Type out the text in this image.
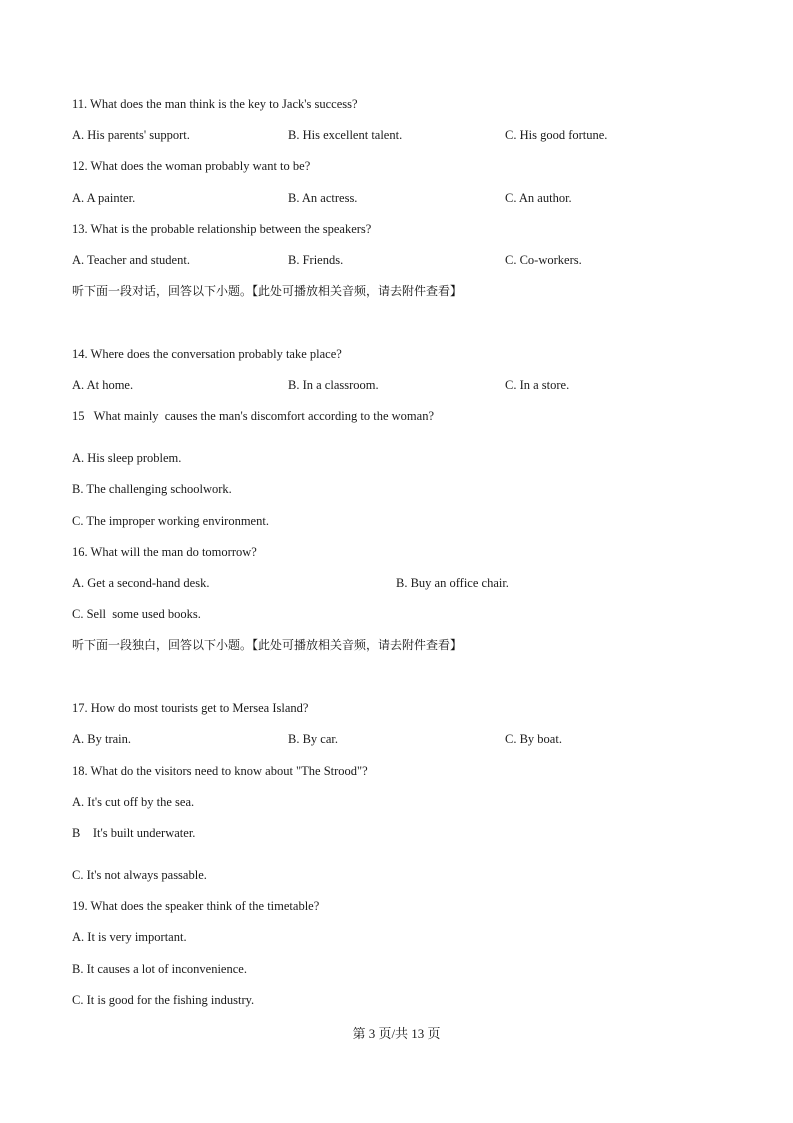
11. What does the man think is the key to Jack's success?
A. His parents' support.	B. His excellent talent.	C. His good fortune.
12. What does the woman probably want to be?
A. A painter.	B. An actress.	C. An author.
13. What is the probable relationship between the speakers?
A. Teacher and student.	B. Friends.	C. Co-workers.
听下面一段对话，回答以下小题。【此处可播放相关音频，请去附件查看】
14. Where does the conversation probably take place?
A. At home.	B. In a classroom.	C. In a store.
15   What mainly  causes the man's discomfort according to the woman?
A. His sleep problem.
B. The challenging schoolwork.
C. The improper working environment.
16. What will the man do tomorrow?
A. Get a second-hand desk.	B. Buy an office chair.
C. Sell  some used books.
听下面一段独白，回答以下小题。【此处可播放相关音频，请去附件查看】
17. How do most tourists get to Mersea Island?
A. By train.	B. By car.	C. By boat.
18. What do the visitors need to know about "The Strood"?
A. It's cut off by the sea.
B    It's built underwater.
C. It's not always passable.
19. What does the speaker think of the timetable?
A. It is very important.
B. It causes a lot of inconvenience.
C. It is good for the fishing industry.
第 3 页/共 13 页
